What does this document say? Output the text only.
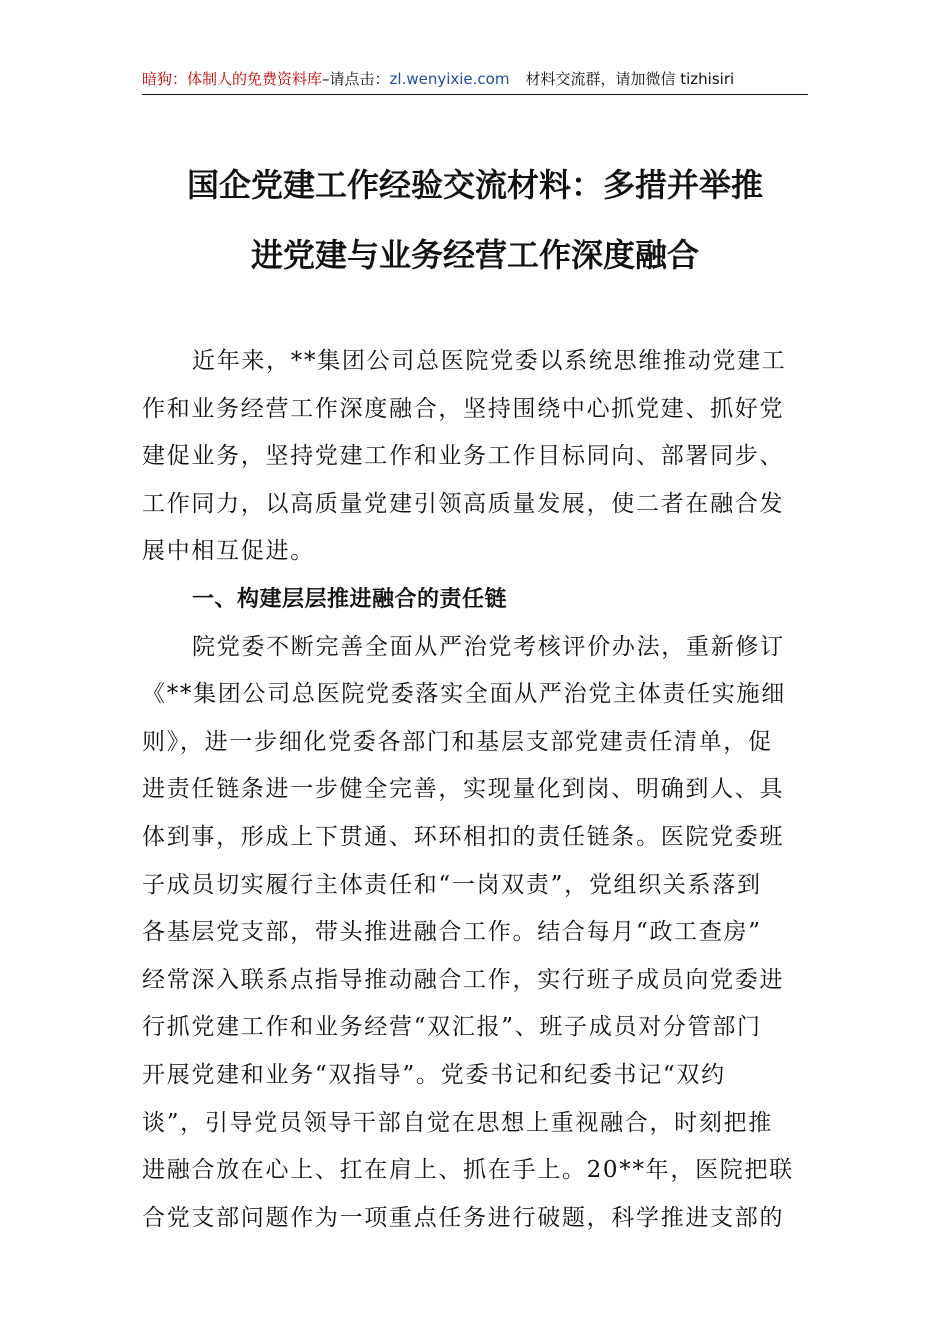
暗狗：体制人的免费资料库–请点击：zl.wenyixie.com 材料交流群，请加微信 tizhisiri
国企党建工作经验交流材料：多措并举推
进党建与业务经营工作深度融合
近年来，**集团公司总医院党委以系统思维推动党建工
作和业务经营工作深度融合，坚持围绕中心抓党建、抓好党
建促业务，坚持党建工作和业务工作目标同向、部署同步、
工作同力，以高质量党建引领高质量发展，使二者在融合发
展中相互促进。
一、构建层层推进融合的责任链
院党委不断完善全面从严治党考核评价办法，重新修订
《**集团公司总医院党委落实全面从严治党主体责任实施细
则》，进一步细化党委各部门和基层支部党建责任清单，促
进责任链条进一步健全完善，实现量化到岗、明确到人、具
体到事，形成上下贯通、环环相扣的责任链条。医院党委班
子成员切实履行主体责任和“一岗双责”，党组织关系落到
各基层党支部，带头推进融合工作。结合每月“政工查房”
经常深入联系点指导推动融合工作，实行班子成员向党委进
行抓党建工作和业务经营“双汇报”、班子成员对分管部门
开展党建和业务“双指导”。党委书记和纪委书记“双约
谈”，引导党员领导干部自觉在思想上重视融合，时刻把推
进融合放在心上、扛在肩上、抓在手上。20**年，医院把联
合党支部问题作为一项重点任务进行破题，科学推进支部的
